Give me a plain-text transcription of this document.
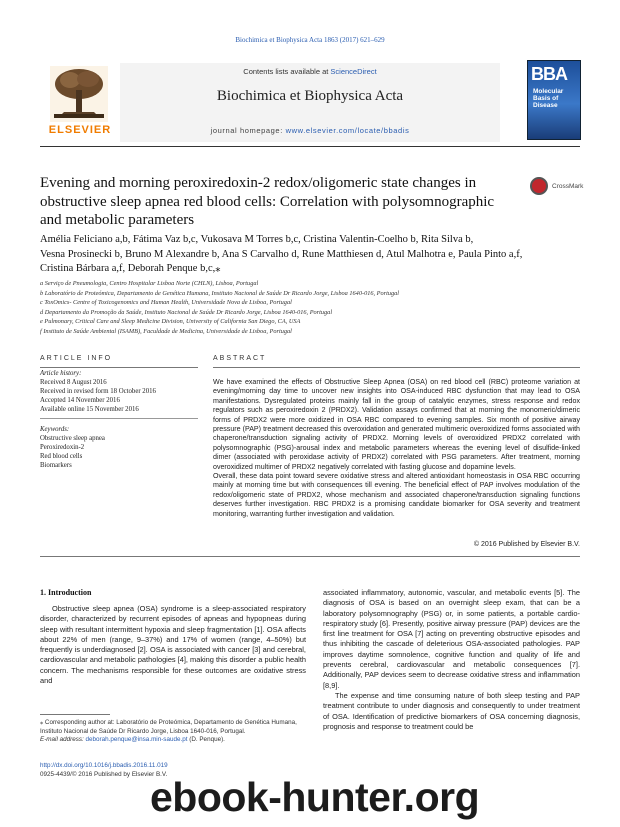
Biochimica et Biophysica Acta 1863 (2017) 621–629
ELSEVIER
Contents lists available at ScienceDirect
Biochimica et Biophysica Acta
journal homepage: www.elsevier.com/locate/bbadis
BBA
Molecular Basis of Disease
Evening and morning peroxiredoxin-2 redox/oligomeric state changes in obstructive sleep apnea red blood cells: Correlation with polysomnographic and metabolic parameters
CrossMark
Amélia Feliciano a,b, Fátima Vaz b,c, Vukosava M Torres b,c, Cristina Valentin-Coelho b, Rita Silva b,
Vesna Prosinecki b, Bruno M Alexandre b, Ana S Carvalho d, Rune Matthiesen d, Atul Malhotra e, Paula Pinto a,f,
Cristina Bárbara a,f, Deborah Penque b,c,⁎
a Serviço de Pneumologia, Centro Hospitalar Lisboa Norte (CHLN), Lisboa, Portugal
b Laboratório de Proteómica, Departamento de Genética Humana, Instituto Nacional de Saúde Dr Ricardo Jorge, Lisboa 1640-016, Portugal
c ToxOmics- Centre of Toxicogenomics and Human Health, Universidade Nova de Lisboa, Portugal
d Departamento da Promoção da Saúde, Instituto Nacional de Saúde Dr Ricardo Jorge, Lisboa 1640-016, Portugal
e Pulmonary, Critical Care and Sleep Medicine Division, University of California San Diego, CA, USA
f Instituto de Saúde Ambiental (ISAMB), Faculdade de Medicina, Universidade de Lisboa, Portugal
ARTICLE INFO	ABSTRACT
Article history:
Received 8 August 2016
Received in revised form 18 October 2016
Accepted 14 November 2016
Available online 15 November 2016
Keywords:
Obstructive sleep apnea
Peroxiredoxin-2
Red blood cells
Biomarkers

We have examined the effects of Obstructive Sleep Apnea (OSA) on red blood cell (RBC) proteome variation at evening/morning day time to uncover new insights into OSA-induced RBC dysfunction that may lead to OSA manifestations. Dysregulated proteins mainly fall in the group of catalytic enzymes, stress response and redox regulators such as peroxiredoxin 2 (PRDX2). Validation assays confirmed that at morning the monomeric/dimeric forms of PRDX2 were more oxidized in OSA RBC compared to evening samples. Six month of positive airway pressure (PAP) treatment decreased this overoxidation and generated multimeric overoxidized forms associated with chaperone/transduction signaling activity of PRDX2. Morning levels of overoxidized PRDX2 correlated with polysomnographic (PSG)-arousal index and metabolic parameters whereas the evening level of disulfide-linked dimer (associated with peroxidase activity of PRDX2) correlated with PSG parameters. After treatment, morning overoxidized multimer of PRDX2 negatively correlated with fasting glucose and dopamine levels.

Overall, these data point toward severe oxidative stress and altered antioxidant homeostasis in OSA RBC occurring mainly at morning time but with consequences till evening. The beneficial effect of PAP involves modulation of the redox/oligomeric state of PRDX2, whose mechanism and associated chaperone/transduction signaling functions deserves further investigation. RBC PRDX2 is a promising candidate biomarker for OSA severity and treatment monitoring, warranting further investigation and validation.

© 2016 Published by Elsevier B.V.
1. Introduction

Obstructive sleep apnea (OSA) syndrome is a sleep-associated respiratory disorder, characterized by recurrent episodes of apneas and hypopneas during sleep with resultant intermittent hypoxia and sleep fragmentation [1]. OSA affects about 22% of men (range, 9–37%) and 17% of women (range, 4–50%) but frequently is underdiagnosed [2]. OSA is associated with cancer [3] and cerebral, cardiovascular and metabolic pathologies [4], making this disorder a public health concern. The mechanisms responsible for these outcomes are oxidative stress and

associated inflammatory, autonomic, vascular, and metabolic events [5]. The diagnosis of OSA is based on an overnight sleep exam, that can be a laboratory polysomnography (PSG) or, in some patients, a portable cardio-respiratory study [6]. Presently, positive airway pressure (PAP) devices are the first line treatment for OSA [7] acting on preventing obstructive episodes and thus inhibiting the cascade of deleterious OSA-associated pathologies. PAP improves daytime somnolence, cognitive function and quality of life and prevents cerebral, cardiovascular and metabolic consequences [7]. Additionally, PAP devices seem to decrease oxidative stress and inflammation [8,9].

The expense and time consuming nature of both sleep testing and PAP treatment contribute to under diagnosis and consequently to under treatment of OSA. Identification of predictive biomarkers of OSA concerning diagnosis, prognosis and response to treatment could be

⁎ Corresponding author at: Laboratório de Proteómica, Departamento de Genética Humana, Instituto Nacional de Saúde Dr Ricardo Jorge, Lisboa 1640-016, Portugal.
E-mail address: deborah.penque@insa.min-saude.pt (D. Penque).
http://dx.doi.org/10.1016/j.bbadis.2016.11.019
0925-4439/© 2016 Published by Elsevier B.V.
ebook-hunter.org
